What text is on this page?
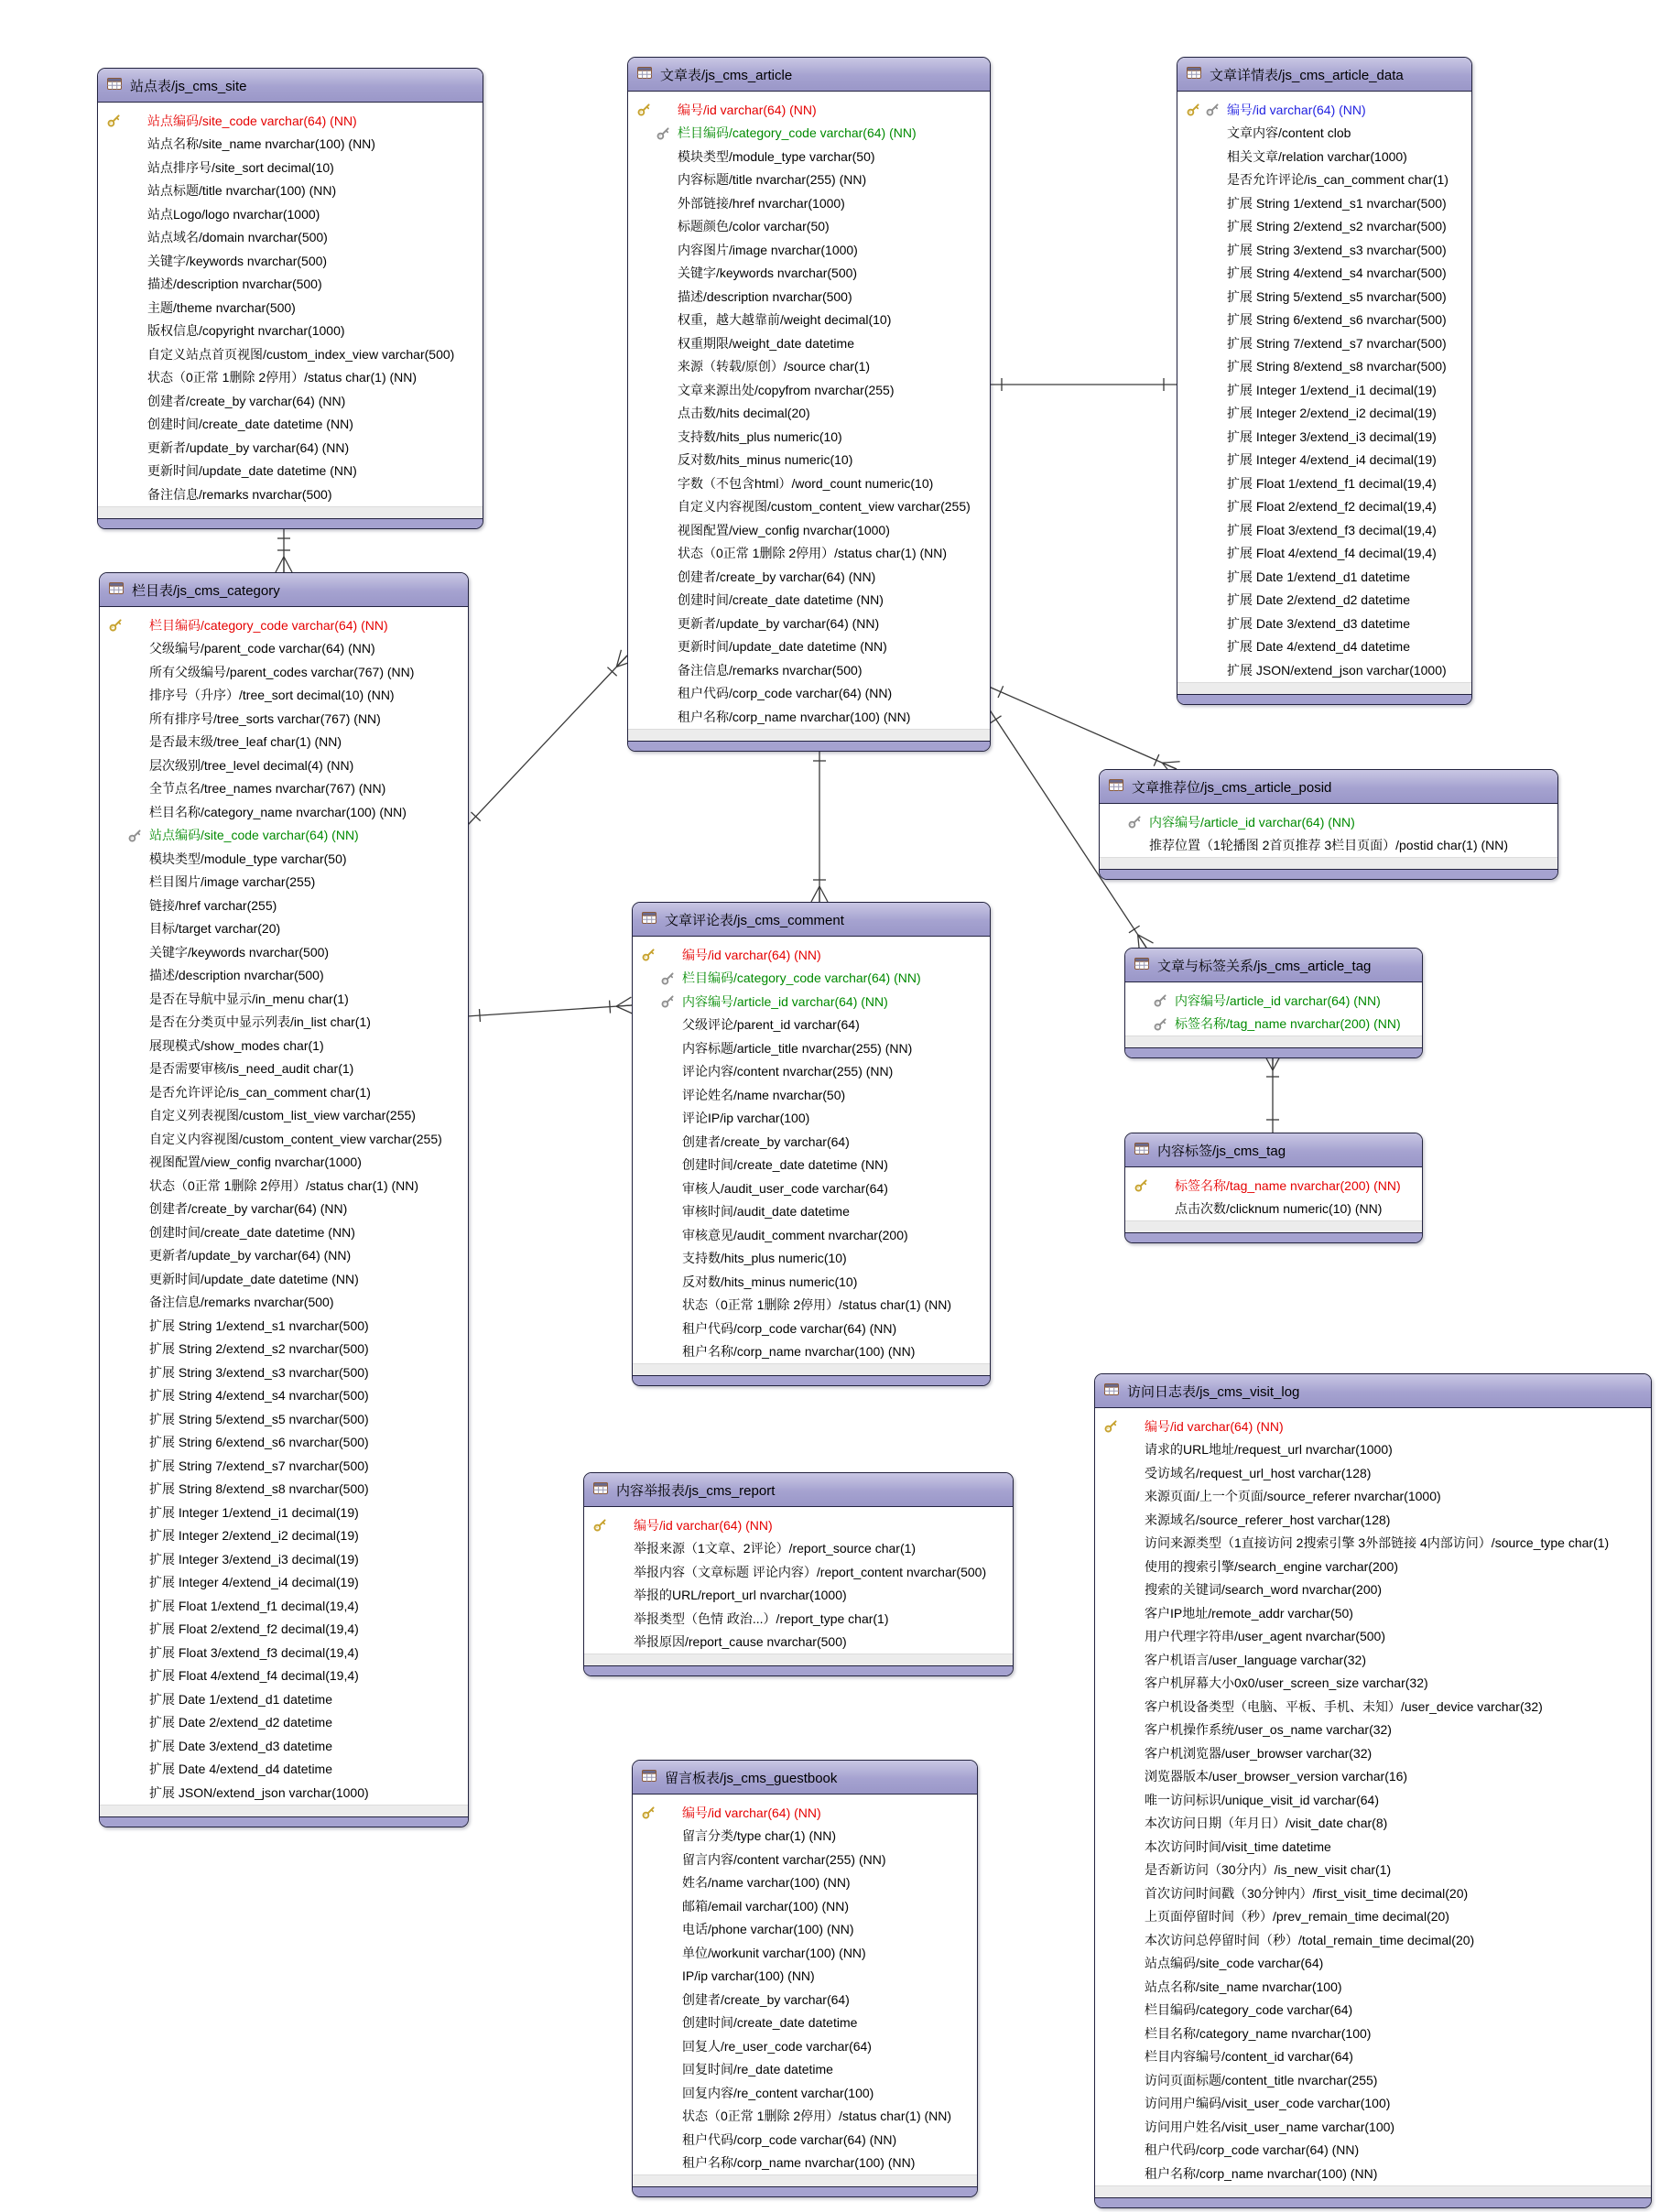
站点表/js_cms_site
站点编码/site_code varchar(64) (NN)
站点名称/site_name nvarchar(100) (NN)
站点排序号/site_sort decimal(10)
站点标题/title nvarchar(100) (NN)
站点Logo/logo nvarchar(1000)
站点域名/domain nvarchar(500)
关键字/keywords nvarchar(500)
描述/description nvarchar(500)
主题/theme nvarchar(500)
版权信息/copyright nvarchar(1000)
自定义站点首页视图/custom_index_view varchar(500)
状态（0正常 1删除 2停用）/status char(1) (NN)
创建者/create_by varchar(64) (NN)
创建时间/create_date datetime (NN)
更新者/update_by varchar(64) (NN)
更新时间/update_date datetime (NN)
备注信息/remarks nvarchar(500)
栏目表/js_cms_category
栏目编码/category_code varchar(64) (NN)
父级编号/parent_code varchar(64) (NN)
所有父级编号/parent_codes varchar(767) (NN)
排序号（升序）/tree_sort decimal(10) (NN)
所有排序号/tree_sorts varchar(767) (NN)
是否最末级/tree_leaf char(1) (NN)
层次级别/tree_level decimal(4) (NN)
全节点名/tree_names nvarchar(767) (NN)
栏目名称/category_name nvarchar(100) (NN)
站点编码/site_code varchar(64) (NN)
模块类型/module_type varchar(50)
栏目图片/image varchar(255)
链接/href varchar(255)
目标/target varchar(20)
关键字/keywords nvarchar(500)
描述/description nvarchar(500)
是否在导航中显示/in_menu char(1)
是否在分类页中显示列表/in_list char(1)
展现模式/show_modes char(1)
是否需要审核/is_need_audit char(1)
是否允许评论/is_can_comment char(1)
自定义列表视图/custom_list_view varchar(255)
自定义内容视图/custom_content_view varchar(255)
视图配置/view_config nvarchar(1000)
状态（0正常 1删除 2停用）/status char(1) (NN)
创建者/create_by varchar(64) (NN)
创建时间/create_date datetime (NN)
更新者/update_by varchar(64) (NN)
更新时间/update_date datetime (NN)
备注信息/remarks nvarchar(500)
扩展 String 1/extend_s1 nvarchar(500)
扩展 String 2/extend_s2 nvarchar(500)
扩展 String 3/extend_s3 nvarchar(500)
扩展 String 4/extend_s4 nvarchar(500)
扩展 String 5/extend_s5 nvarchar(500)
扩展 String 6/extend_s6 nvarchar(500)
扩展 String 7/extend_s7 nvarchar(500)
扩展 String 8/extend_s8 nvarchar(500)
扩展 Integer 1/extend_i1 decimal(19)
扩展 Integer 2/extend_i2 decimal(19)
扩展 Integer 3/extend_i3 decimal(19)
扩展 Integer 4/extend_i4 decimal(19)
扩展 Float 1/extend_f1 decimal(19,4)
扩展 Float 2/extend_f2 decimal(19,4)
扩展 Float 3/extend_f3 decimal(19,4)
扩展 Float 4/extend_f4 decimal(19,4)
扩展 Date 1/extend_d1 datetime
扩展 Date 2/extend_d2 datetime
扩展 Date 3/extend_d3 datetime
扩展 Date 4/extend_d4 datetime
扩展 JSON/extend_json varchar(1000)
文章表/js_cms_article
编号/id varchar(64) (NN)
栏目编码/category_code varchar(64) (NN)
模块类型/module_type varchar(50)
内容标题/title nvarchar(255) (NN)
外部链接/href nvarchar(1000)
标题颜色/color varchar(50)
内容图片/image nvarchar(1000)
关键字/keywords nvarchar(500)
描述/description nvarchar(500)
权重，越大越靠前/weight decimal(10)
权重期限/weight_date datetime
来源（转载/原创）/source char(1)
文章来源出处/copyfrom nvarchar(255)
点击数/hits decimal(20)
支持数/hits_plus numeric(10)
反对数/hits_minus numeric(10)
字数（不包含html）/word_count numeric(10)
自定义内容视图/custom_content_view varchar(255)
视图配置/view_config nvarchar(1000)
状态（0正常 1删除 2停用）/status char(1) (NN)
创建者/create_by varchar(64) (NN)
创建时间/create_date datetime (NN)
更新者/update_by varchar(64) (NN)
更新时间/update_date datetime (NN)
备注信息/remarks nvarchar(500)
租户代码/corp_code varchar(64) (NN)
租户名称/corp_name nvarchar(100) (NN)
文章详情表/js_cms_article_data
编号/id varchar(64) (NN)
文章内容/content clob
相关文章/relation varchar(1000)
是否允许评论/is_can_comment char(1)
扩展 String 1/extend_s1 nvarchar(500)
扩展 String 2/extend_s2 nvarchar(500)
扩展 String 3/extend_s3 nvarchar(500)
扩展 String 4/extend_s4 nvarchar(500)
扩展 String 5/extend_s5 nvarchar(500)
扩展 String 6/extend_s6 nvarchar(500)
扩展 String 7/extend_s7 nvarchar(500)
扩展 String 8/extend_s8 nvarchar(500)
扩展 Integer 1/extend_i1 decimal(19)
扩展 Integer 2/extend_i2 decimal(19)
扩展 Integer 3/extend_i3 decimal(19)
扩展 Integer 4/extend_i4 decimal(19)
扩展 Float 1/extend_f1 decimal(19,4)
扩展 Float 2/extend_f2 decimal(19,4)
扩展 Float 3/extend_f3 decimal(19,4)
扩展 Float 4/extend_f4 decimal(19,4)
扩展 Date 1/extend_d1 datetime
扩展 Date 2/extend_d2 datetime
扩展 Date 3/extend_d3 datetime
扩展 Date 4/extend_d4 datetime
扩展 JSON/extend_json varchar(1000)
文章推荐位/js_cms_article_posid
内容编号/article_id varchar(64) (NN)
推荐位置（1轮播图 2首页推荐 3栏目页面）/postid char(1) (NN)
文章与标签关系/js_cms_article_tag
内容编号/article_id varchar(64) (NN)
标签名称/tag_name nvarchar(200) (NN)
内容标签/js_cms_tag
标签名称/tag_name nvarchar(200) (NN)
点击次数/clicknum numeric(10) (NN)
文章评论表/js_cms_comment
编号/id varchar(64) (NN)
栏目编码/category_code varchar(64) (NN)
内容编号/article_id varchar(64) (NN)
父级评论/parent_id varchar(64)
内容标题/article_title nvarchar(255) (NN)
评论内容/content nvarchar(255) (NN)
评论姓名/name nvarchar(50)
评论IP/ip varchar(100)
创建者/create_by varchar(64)
创建时间/create_date datetime (NN)
审核人/audit_user_code varchar(64)
审核时间/audit_date datetime
审核意见/audit_comment nvarchar(200)
支持数/hits_plus numeric(10)
反对数/hits_minus numeric(10)
状态（0正常 1删除 2停用）/status char(1) (NN)
租户代码/corp_code varchar(64) (NN)
租户名称/corp_name nvarchar(100) (NN)
内容举报表/js_cms_report
编号/id varchar(64) (NN)
举报来源（1文章、2评论）/report_source char(1)
举报内容（文章标题 评论内容）/report_content nvarchar(500)
举报的URL/report_url nvarchar(1000)
举报类型（色情 政治...）/report_type char(1)
举报原因/report_cause nvarchar(500)
留言板表/js_cms_guestbook
编号/id varchar(64) (NN)
留言分类/type char(1) (NN)
留言内容/content varchar(255) (NN)
姓名/name varchar(100) (NN)
邮箱/email varchar(100) (NN)
电话/phone varchar(100) (NN)
单位/workunit varchar(100) (NN)
IP/ip varchar(100) (NN)
创建者/create_by varchar(64)
创建时间/create_date datetime
回复人/re_user_code varchar(64)
回复时间/re_date datetime
回复内容/re_content varchar(100)
状态（0正常 1删除 2停用）/status char(1) (NN)
租户代码/corp_code varchar(64) (NN)
租户名称/corp_name nvarchar(100) (NN)
访问日志表/js_cms_visit_log
编号/id varchar(64) (NN)
请求的URL地址/request_url nvarchar(1000)
受访域名/request_url_host varchar(128)
来源页面/上一个页面/source_referer nvarchar(1000)
来源域名/source_referer_host varchar(128)
访问来源类型（1直接访问 2搜索引擎 3外部链接 4内部访问）/source_type char(1)
使用的搜索引擎/search_engine varchar(200)
搜索的关键词/search_word nvarchar(200)
客户IP地址/remote_addr varchar(50)
用户代理字符串/user_agent nvarchar(500)
客户机语言/user_language varchar(32)
客户机屏幕大小0x0/user_screen_size varchar(32)
客户机设备类型（电脑、平板、手机、未知）/user_device varchar(32)
客户机操作系统/user_os_name varchar(32)
客户机浏览器/user_browser varchar(32)
浏览器版本/user_browser_version varchar(16)
唯一访问标识/unique_visit_id varchar(64)
本次访问日期（年月日）/visit_date char(8)
本次访问时间/visit_time datetime
是否新访问（30分内）/is_new_visit char(1)
首次访问时间戳（30分钟内）/first_visit_time decimal(20)
上页面停留时间（秒）/prev_remain_time decimal(20)
本次访问总停留时间（秒）/total_remain_time decimal(20)
站点编码/site_code varchar(64)
站点名称/site_name nvarchar(100)
栏目编码/category_code varchar(64)
栏目名称/category_name nvarchar(100)
栏目内容编号/content_id varchar(64)
访问页面标题/content_title nvarchar(255)
访问用户编码/visit_user_code varchar(100)
访问用户姓名/visit_user_name varchar(100)
租户代码/corp_code varchar(64) (NN)
租户名称/corp_name nvarchar(100) (NN)
